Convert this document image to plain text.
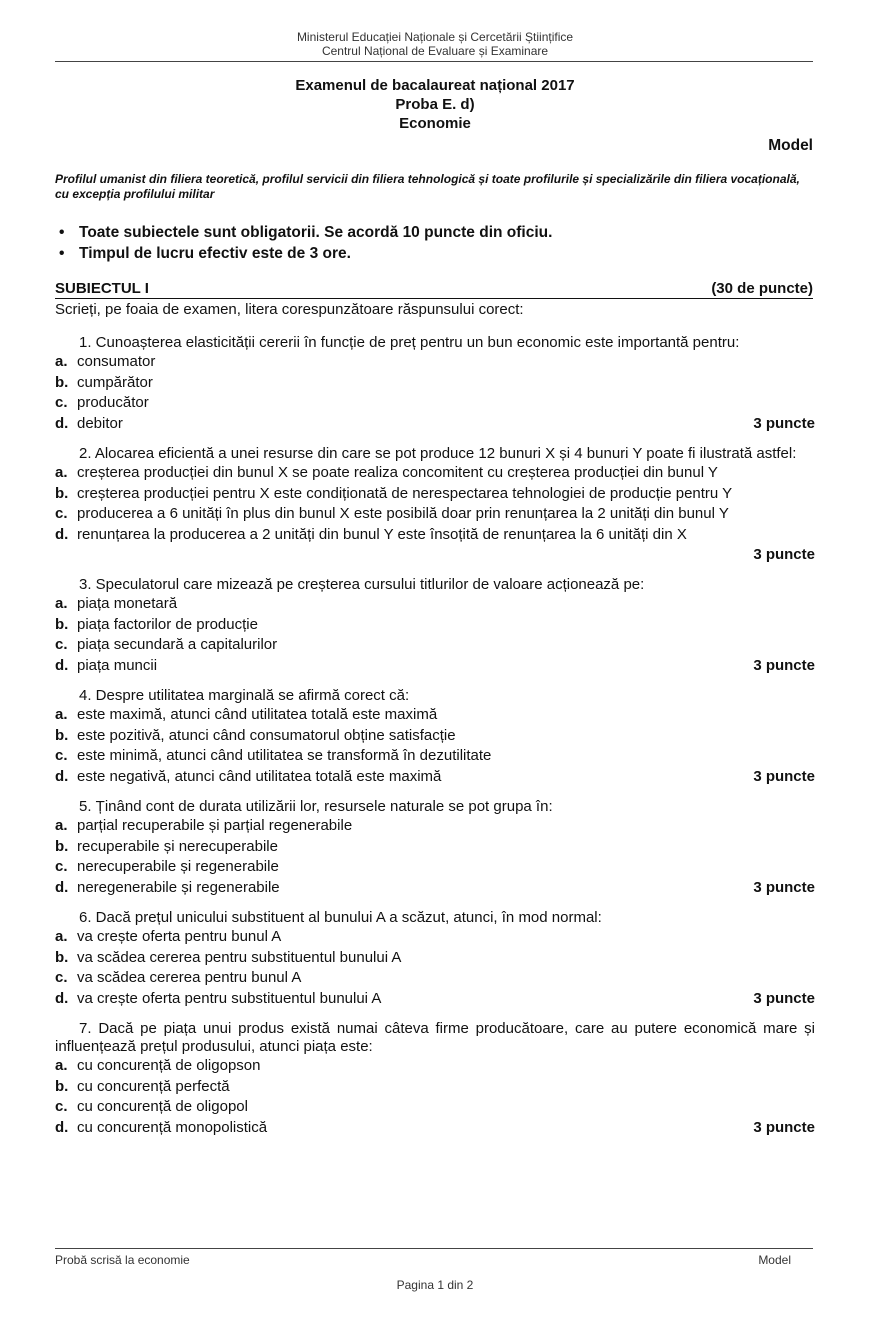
Ministerul Educației Naționale și Cercetării Științifice
Centrul Național de Evaluare și Examinare
Examenul de bacalaureat național 2017
Proba E. d)
Economie
Model
Profilul umanist din filiera teoretică, profilul servicii din filiera tehnologică și toate profilurile și specializările din filiera vocațională, cu excepția profilului militar
• Toate subiectele sunt obligatorii. Se acordă 10 puncte din oficiu.
• Timpul de lucru efectiv este de 3 ore.
SUBIECTUL I	(30 de puncte)
Scrieți, pe foaia de examen, litera corespunzătoare răspunsului corect:
1. Cunoașterea elasticității cererii în funcție de preț pentru un bun economic este importantă pentru:
a. consumator
b. cumpărător
c. producător
d. debitor	3 puncte
2. Alocarea eficientă a unei resurse din care se pot produce 12 bunuri X și 4 bunuri Y poate fi ilustrată astfel:
a. creșterea producției din bunul X se poate realiza concomitent cu creșterea producției din bunul Y
b. creșterea producției pentru X este condiționată de nerespectarea tehnologiei de producție pentru Y
c. producerea a 6 unități în plus din bunul X este posibilă doar prin renunțarea la 2 unități din bunul Y
d. renunțarea la producerea a 2 unități din bunul Y este însoțită de renunțarea la 6 unități din X
3 puncte
3. Speculatorul care mizează pe creșterea cursului titlurilor de valoare acționează pe:
a. piața monetară
b. piața factorilor de producție
c. piața secundară a capitalurilor
d. piața muncii	3 puncte
4. Despre utilitatea marginală se afirmă corect că:
a. este maximă, atunci când utilitatea totală este maximă
b. este pozitivă, atunci când consumatorul obține satisfacție
c. este minimă, atunci când utilitatea se transformă în dezutilitate
d. este negativă, atunci când utilitatea totală este maximă	3 puncte
5. Ținând cont de durata utilizării lor, resursele naturale se pot grupa în:
a. parțial recuperabile și parțial regenerabile
b. recuperabile și nerecuperabile
c. nerecuperabile și regenerabile
d. neregenerabile și regenerabile	3 puncte
6. Dacă prețul unicului substituent al bunului A a scăzut, atunci, în mod normal:
a. va crește oferta pentru bunul A
b. va scădea cererea pentru substituentul bunului A
c. va scădea cererea pentru bunul A
d. va crește oferta pentru substituentul bunului A	3 puncte
7. Dacă pe piața unui produs există numai câteva firme producătoare, care au putere economică mare și influențează prețul produsului, atunci piața este:
a. cu concurență de oligopson
b. cu concurență perfectă
c. cu concurență de oligopol
d. cu concurență monopolistică	3 puncte
Probă scrisă la economie	Model
Pagina 1 din 2
